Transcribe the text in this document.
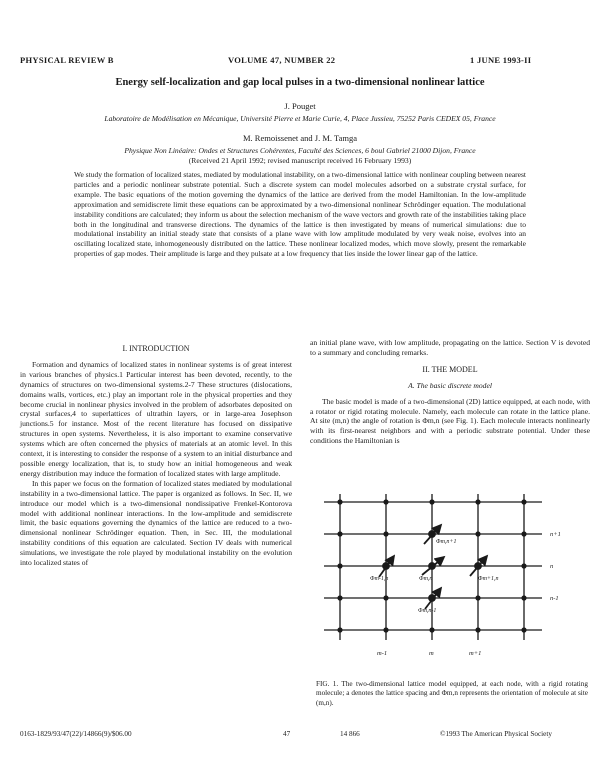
PHYSICAL REVIEW B	VOLUME 47, NUMBER 22	1 JUNE 1993-II
Energy self-localization and gap local pulses in a two-dimensional nonlinear lattice
J. Pouget
Laboratoire de Modélisation en Mécanique, Université Pierre et Marie Curie, 4, Place Jussieu, 75252 Paris CEDEX 05, France
M. Remoissenet and J. M. Tamga
Physique Non Linéaire: Ondes et Structures Cohérentes, Faculté des Sciences, 6 boul Gabriel 21000 Dijon, France
(Received 21 April 1992; revised manuscript received 16 February 1993)
We study the formation of localized states, mediated by modulational instability, on a two-dimensional lattice with nonlinear coupling between nearest particles and a periodic nonlinear substrate potential. Such a discrete system can model molecules adsorbed on a substrate crystal surface, for example. The basic equations of the motion governing the dynamics of the lattice are derived from the model Hamiltonian. In the low-amplitude approximation and semidiscrete limit these equations can be approximated by a two-dimensional nonlinear Schrödinger equation. The modulational instability conditions are calculated; they inform us about the selection mechanism of the wave vectors and growth rate of the instabilities taking place both in the longitudinal and transverse directions. The dynamics of the lattice is then investigated by means of numerical simulations: due to modulational instability an initial steady state that consists of a plane wave with low amplitude modulated by very weak noise, evolves into an oscillating localized state, inhomogeneously distributed on the lattice. These nonlinear localized modes, which move slowly, present the remarkable properties of gap modes. Their amplitude is large and they pulsate at a low frequency that lies inside the lower linear gap of the lattice.
I. INTRODUCTION

Formation and dynamics of localized states in nonlinear systems is of great interest in various branches of physics.1 Particular interest has been devoted, recently, to the dynamics of structures on two-dimensional systems.2-7 These structures (dislocations, domains walls, vortices, etc.) play an important role in the physical properties and they become crucial in nonlinear physics involved in the problem of adsorbates deposited on crystal surfaces,4 to superlattices of ultrathin layers, or in large-area Josephson junctions.5 for instance. Most of the recent literature has focused on dissipative structures in open systems. Nevertheless, it is also important to examine conservative systems which are often concerned the physics of materials at an atomic level. In this context, it is interesting to consider the response of a system to an initial disturbance and possible energy localization, that is, to study how an initial homogeneous and weak energy distribution may induce the formation of localized states with large amplitude.

In this paper we focus on the formation of localized states mediated by modulational instability in a two-dimensional lattice. The paper is organized as follows. In Sec. II, we introduce our model which is a two-dimensional nondissipative Frenkel-Kontorova model with additional nonlinear interactions. In the low-amplitude and semidiscrete limit, the basic equations governing the dynamics of the lattice are reduced to a two-dimensional nonlinear Schrödinger equation. Then, in Sec. III, the modulational instability conditions of this equation are calculated. Section IV deals with numerical simulations, we investigate the role played by modulational instability on the evolution into localized states of

an initial plane wave, with low amplitude, propagating on the lattice. Section V is devoted to a summary and concluding remarks.

II. THE MODEL
A. The basic discrete model

The basic model is made of a two-dimensional (2D) lattice equipped, at each node, with a rotator or rigid rotating molecule. Namely, each molecule can rotate in the lattice plane. At site (m,n) the angle of rotation is Φm,n (see Fig. 1). Each molecule interacts nonlinearly with its first-nearest neighbors and with a periodic substrate potential. Under these conditions the Hamiltonian is

Φm,n+1
Φm-1,n	Φm,n	Φm+1,n
Φm,n-1
n+1
n
n-1
m-1	m	m+1
FIG. 1. The two-dimensional lattice model equipped, at each node, with a rigid rotating molecule; a denotes the lattice spacing and Φm,n represents the orientation of molecule at site (m,n).
0163-1829/93/47(22)/14866(9)/$06.00	47	14 866	©1993 The American Physical Society
